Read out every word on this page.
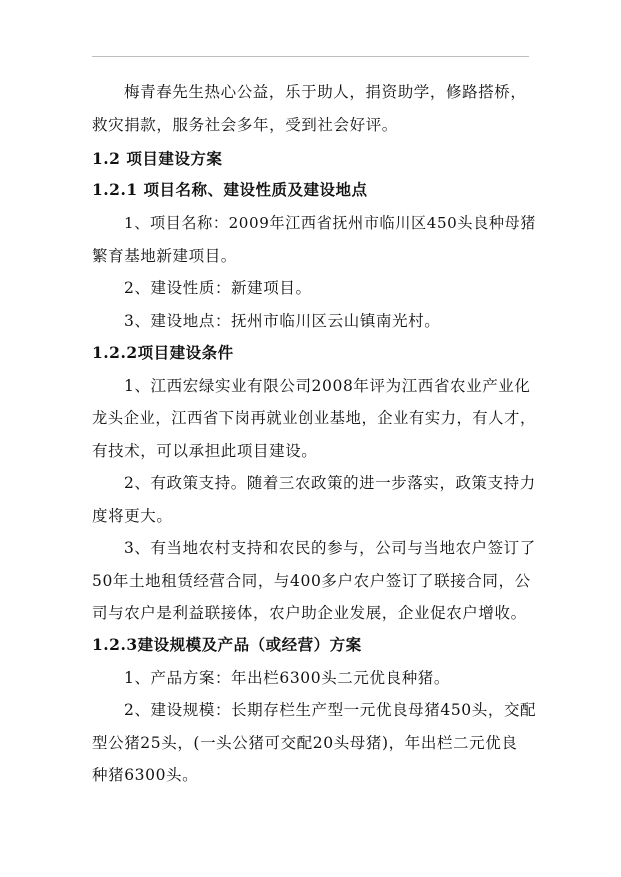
梅青春先生热心公益，乐于助人，捐资助学，修路搭桥，
救灾捐款，服务社会多年，受到社会好评。
1.2 项目建设方案
1.2.1 项目名称、建设性质及建设地点
1、项目名称：2009年江西省抚州市临川区450头良种母猪
繁育基地新建项目。
2、建设性质：新建项目。
3、建设地点：抚州市临川区云山镇南光村。
1.2.2项目建设条件
1、江西宏绿实业有限公司2008年评为江西省农业产业化
龙头企业，江西省下岗再就业创业基地，企业有实力，有人才，
有技术，可以承担此项目建设。
2、有政策支持。随着三农政策的进一步落实，政策支持力
度将更大。
3、有当地农村支持和农民的参与，公司与当地农户签订了
50年土地租赁经营合同，与400多户农户签订了联接合同，公
司与农户是利益联接体，农户助企业发展，企业促农户增收。
1.2.3建设规模及产品（或经营）方案
1、产品方案：年出栏6300头二元优良种猪。
2、建设规模：长期存栏生产型一元优良母猪450头，交配
型公猪25头，(一头公猪可交配20头母猪)，年出栏二元优良
种猪6300头。
